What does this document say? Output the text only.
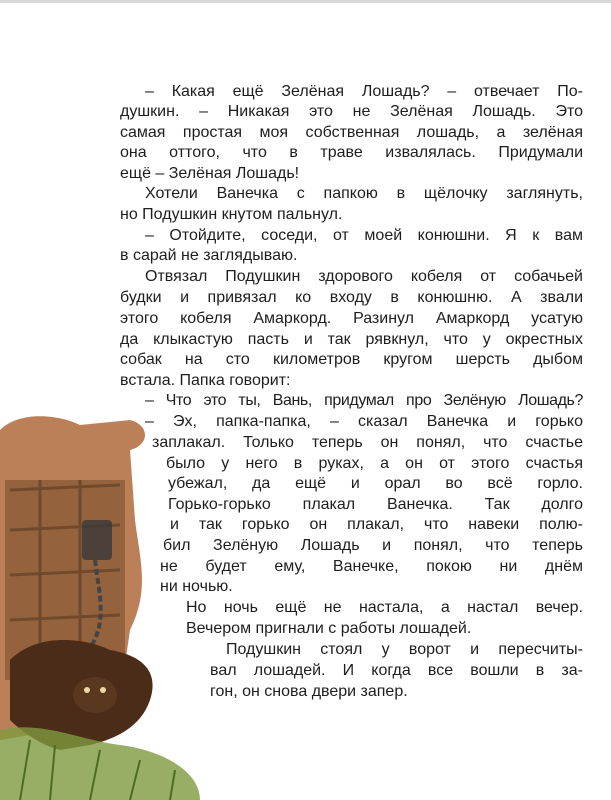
– Какая ещё Зелёная Лошадь? – отвечает По-
душкин. – Никакая это не Зелёная Лошадь. Это
самая простая моя собственная лошадь, а зелёная
она оттого, что в траве извалялась. Придумали
ещё – Зелёная Лошадь!
Хотели Ванечка с папкою в щёлочку заглянуть,
но Подушкин кнутом пальнул.
– Отойдите, соседи, от моей конюшни. Я к вам
в сарай не заглядываю.
Отвязал Подушкин здорового кобеля от собачьей
будки и привязал ко входу в конюшню. А звали
этого кобеля Амаркорд. Разинул Амаркорд усатую
да клыкастую пасть и так рявкнул, что у окрестных
собак на сто километров кругом шерсть дыбом
встала. Папка говорит:
– Что это ты, Вань, придумал про Зелёную Лошадь?
– Эх, папка-папка, – сказал Ванечка и горько
заплакал. Только теперь он понял, что счастье
было у него в руках, а он от этого счастья
убежал, да ещё и орал во всё горло.
Горько-горько плакал Ванечка. Так долго
и так горько он плакал, что навеки полю-
бил Зелёную Лошадь и понял, что теперь
не будет ему, Ванечке, покою ни днём
ни ночью.
Но ночь ещё не настала, а настал вечер.
Вечером пригнали с работы лошадей.
Подушкин стоял у ворот и пересчиты-
вал лошадей. И когда все вошли в за-
гон, он снова двери запер.
